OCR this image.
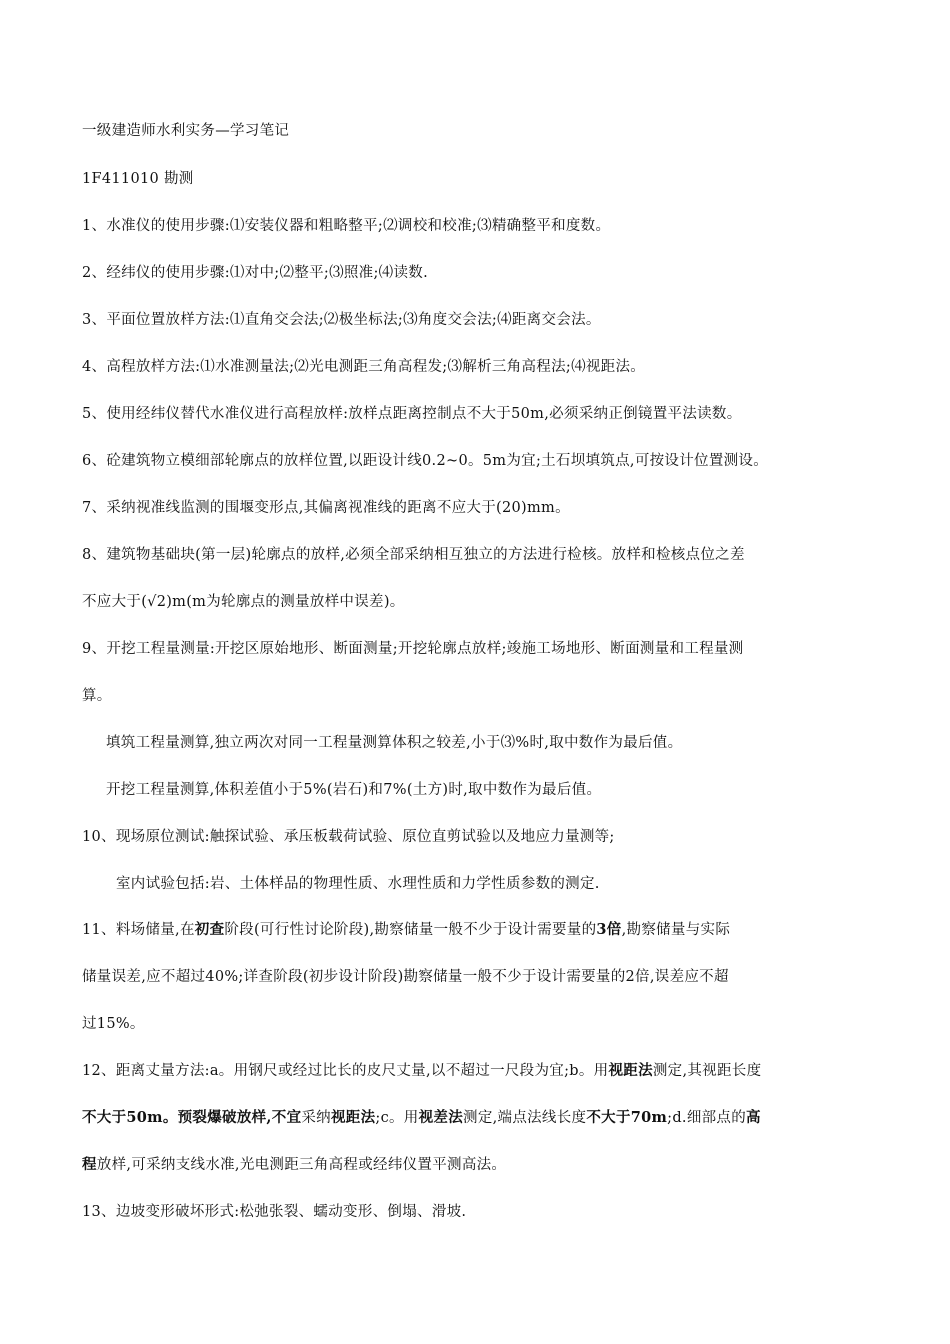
一级建造师水利实务—学习笔记
1F411010 勘测
1、水准仪的使用步骤:⑴安装仪器和粗略整平;⑵调校和校准;⑶精确整平和度数。
2、经纬仪的使用步骤:⑴对中;⑵整平;⑶照准;⑷读数.
3、平面位置放样方法:⑴直角交会法;⑵极坐标法;⑶角度交会法;⑷距离交会法。
4、高程放样方法:⑴水准测量法;⑵光电测距三角高程发;⑶解析三角高程法;⑷视距法。
5、使用经纬仪替代水准仪进行高程放样:放样点距离控制点不大于50m,必须采纳正倒镜置平法读数。
6、砼建筑物立模细部轮廓点的放样位置,以距设计线0.2~0。5m为宜;土石坝填筑点,可按设计位置测设。
7、采纳视准线监测的围堰变形点,其偏离视准线的距离不应大于(20)mm。
8、建筑物基础块(第一层)轮廓点的放样,必须全部采纳相互独立的方法进行检核。放样和检核点位之差
不应大于(√2)m(m为轮廓点的测量放样中误差)。
9、开挖工程量测量:开挖区原始地形、断面测量;开挖轮廓点放样;竣施工场地形、断面测量和工程量测
算。
填筑工程量测算,独立两次对同一工程量测算体积之较差,小于⑶%时,取中数作为最后值。
开挖工程量测算,体积差值小于5%(岩石)和7%(土方)时,取中数作为最后值。
10、现场原位测试:触探试验、承压板载荷试验、原位直剪试验以及地应力量测等;
室内试验包括:岩、土体样品的物理性质、水理性质和力学性质参数的测定.
11、料场储量,在初查阶段(可行性讨论阶段),勘察储量一般不少于设计需要量的3倍,勘察储量与实际
储量误差,应不超过40%;详查阶段(初步设计阶段)勘察储量一般不少于设计需要量的2倍,误差应不超
过15%。
12、距离丈量方法:a。用钢尺或经过比长的皮尺丈量,以不超过一尺段为宜;b。用视距法测定,其视距长度
不大于50m。预裂爆破放样,不宜采纳视距法;c。用视差法测定,端点法线长度不大于70m;d.细部点的高
程放样,可采纳支线水准,光电测距三角高程或经纬仪置平测高法。
13、边坡变形破坏形式:松弛张裂、蠕动变形、倒塌、滑坡.
